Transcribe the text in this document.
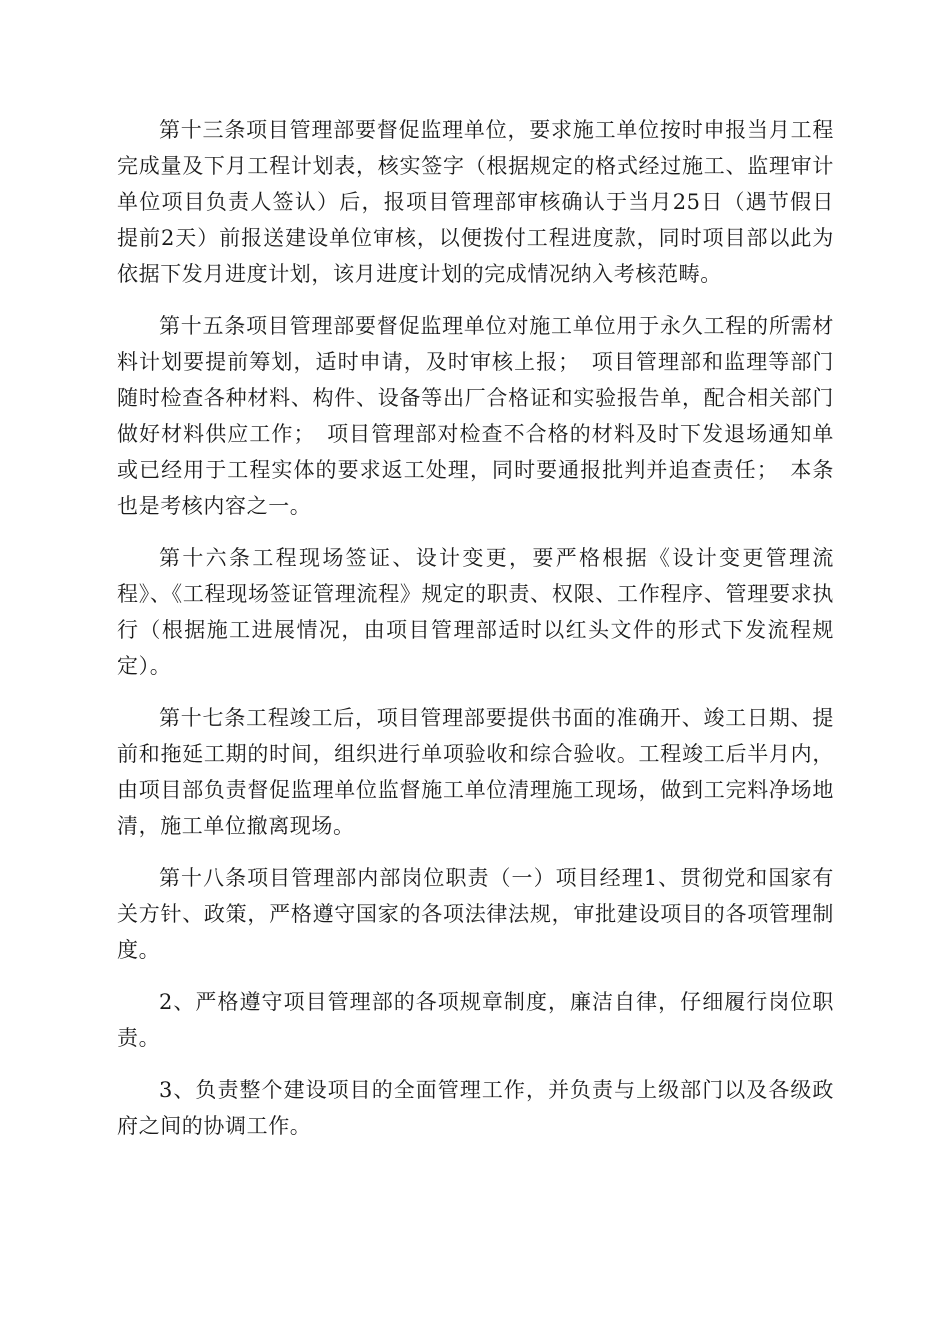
第十三条项目管理部要督促监理单位，要求施工单位按时申报当月工程完成量及下月工程计划表，核实签字（根据规定的格式经过施工、监理审计单位项目负责人签认）后，报项目管理部审核确认于当月25日（遇节假日提前2天）前报送建设单位审核，以便拨付工程进度款，同时项目部以此为依据下发月进度计划，该月进度计划的完成情况纳入考核范畴。

第十五条项目管理部要督促监理单位对施工单位用于永久工程的所需材料计划要提前筹划，适时申请，及时审核上报；　项目管理部和监理等部门随时检查各种材料、构件、设备等出厂合格证和实验报告单，配合相关部门做好材料供应工作；　项目管理部对检查不合格的材料及时下发退场通知单或已经用于工程实体的要求返工处理，同时要通报批判并追查责任；　本条也是考核内容之一。

第十六条工程现场签证、设计变更，要严格根据《设计变更管理流程》、《工程现场签证管理流程》规定的职责、权限、工作程序、管理要求执行（根据施工进展情况，由项目管理部适时以红头文件的形式下发流程规定）。

第十七条工程竣工后，项目管理部要提供书面的准确开、竣工日期、提前和拖延工期的时间，组织进行单项验收和综合验收。工程竣工后半月内，由项目部负责督促监理单位监督施工单位清理施工现场，做到工完料净场地清，施工单位撤离现场。

第十八条项目管理部内部岗位职责（一）项目经理1、贯彻党和国家有关方针、政策，严格遵守国家的各项法律法规，审批建设项目的各项管理制度。

2、严格遵守项目管理部的各项规章制度，廉洁自律，仔细履行岗位职责。

3、负责整个建设项目的全面管理工作，并负责与上级部门以及各级政府之间的协调工作。
